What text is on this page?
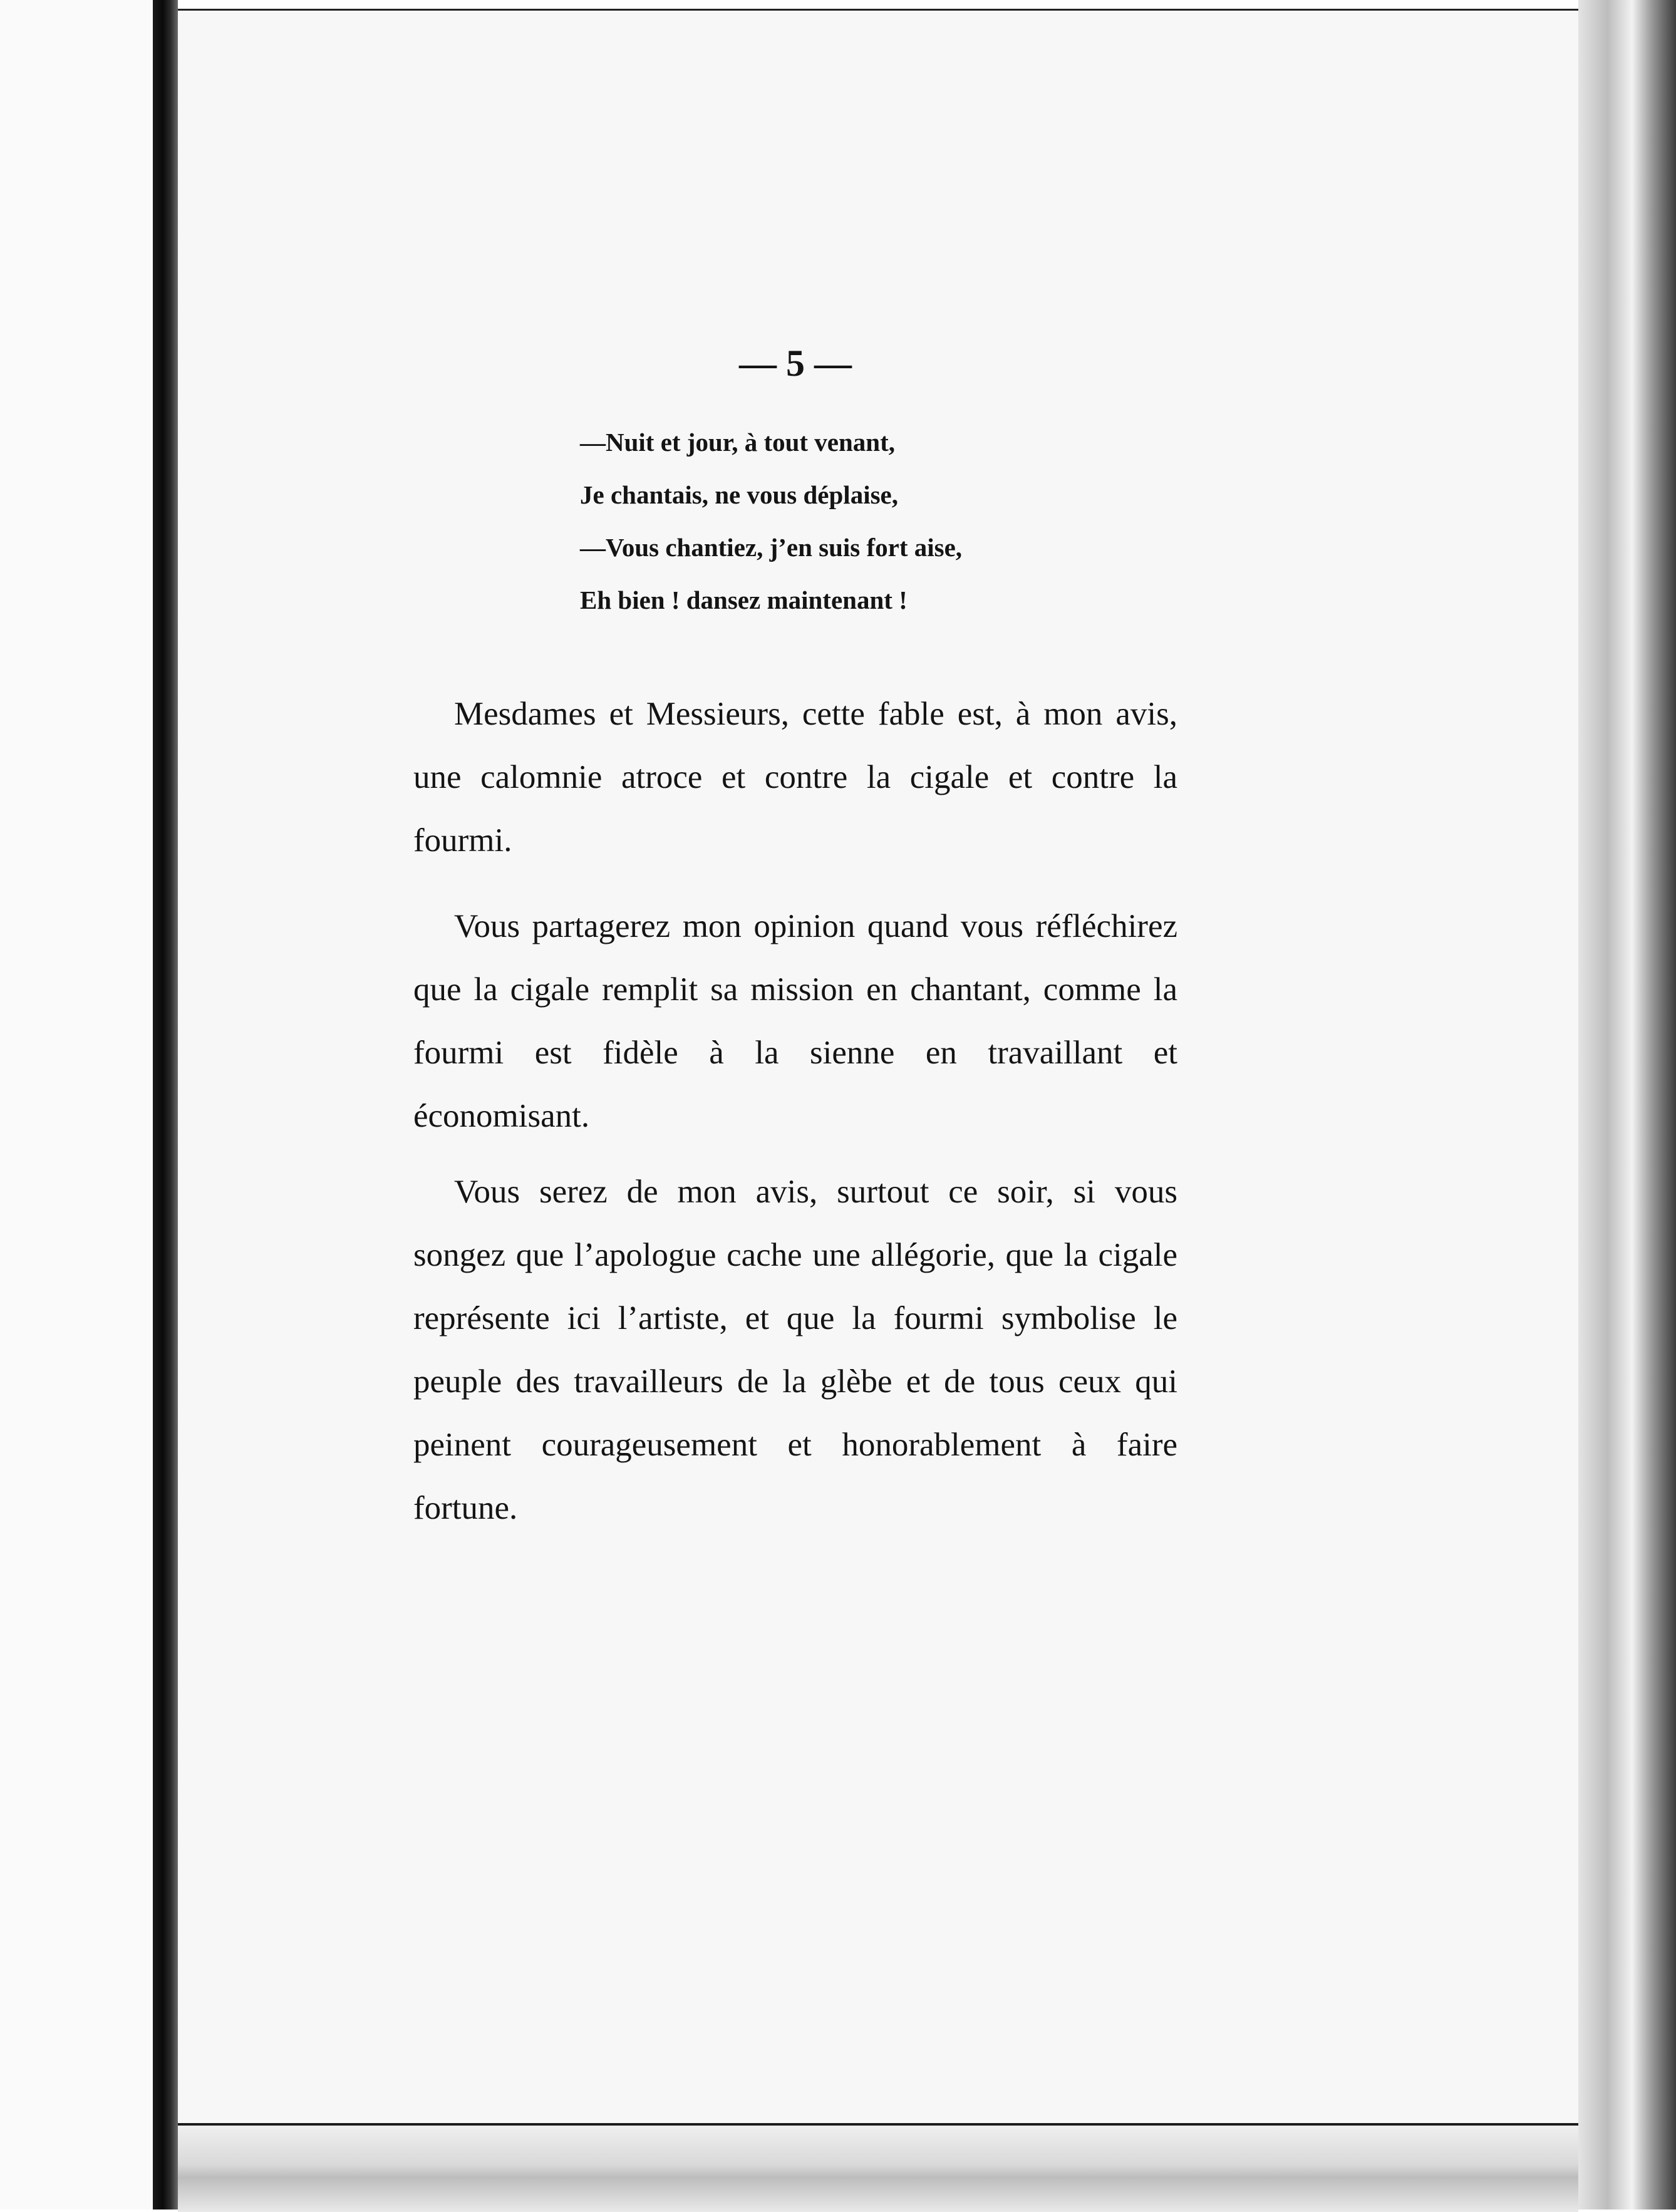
— 5 —
—Nuit et jour, à tout venant,
Je chantais, ne vous déplaise,
—Vous chantiez, j’en suis fort aise,
Eh bien ! dansez maintenant !

Mesdames et Messieurs, cette fable est, à mon avis, une calomnie atroce et contre la cigale et contre la fourmi.

Vous partagerez mon opinion quand vous réfléchirez que la cigale remplit sa mission en chantant, comme la fourmi est fidèle à la sienne en travaillant et économisant.

Vous serez de mon avis, surtout ce soir, si vous songez que l’apologue cache une allégorie, que la cigale représente ici l’artiste, et que la fourmi symbolise le peuple des travailleurs de la glèbe et de tous ceux qui peinent courageusement et honorablement à faire fortune.
